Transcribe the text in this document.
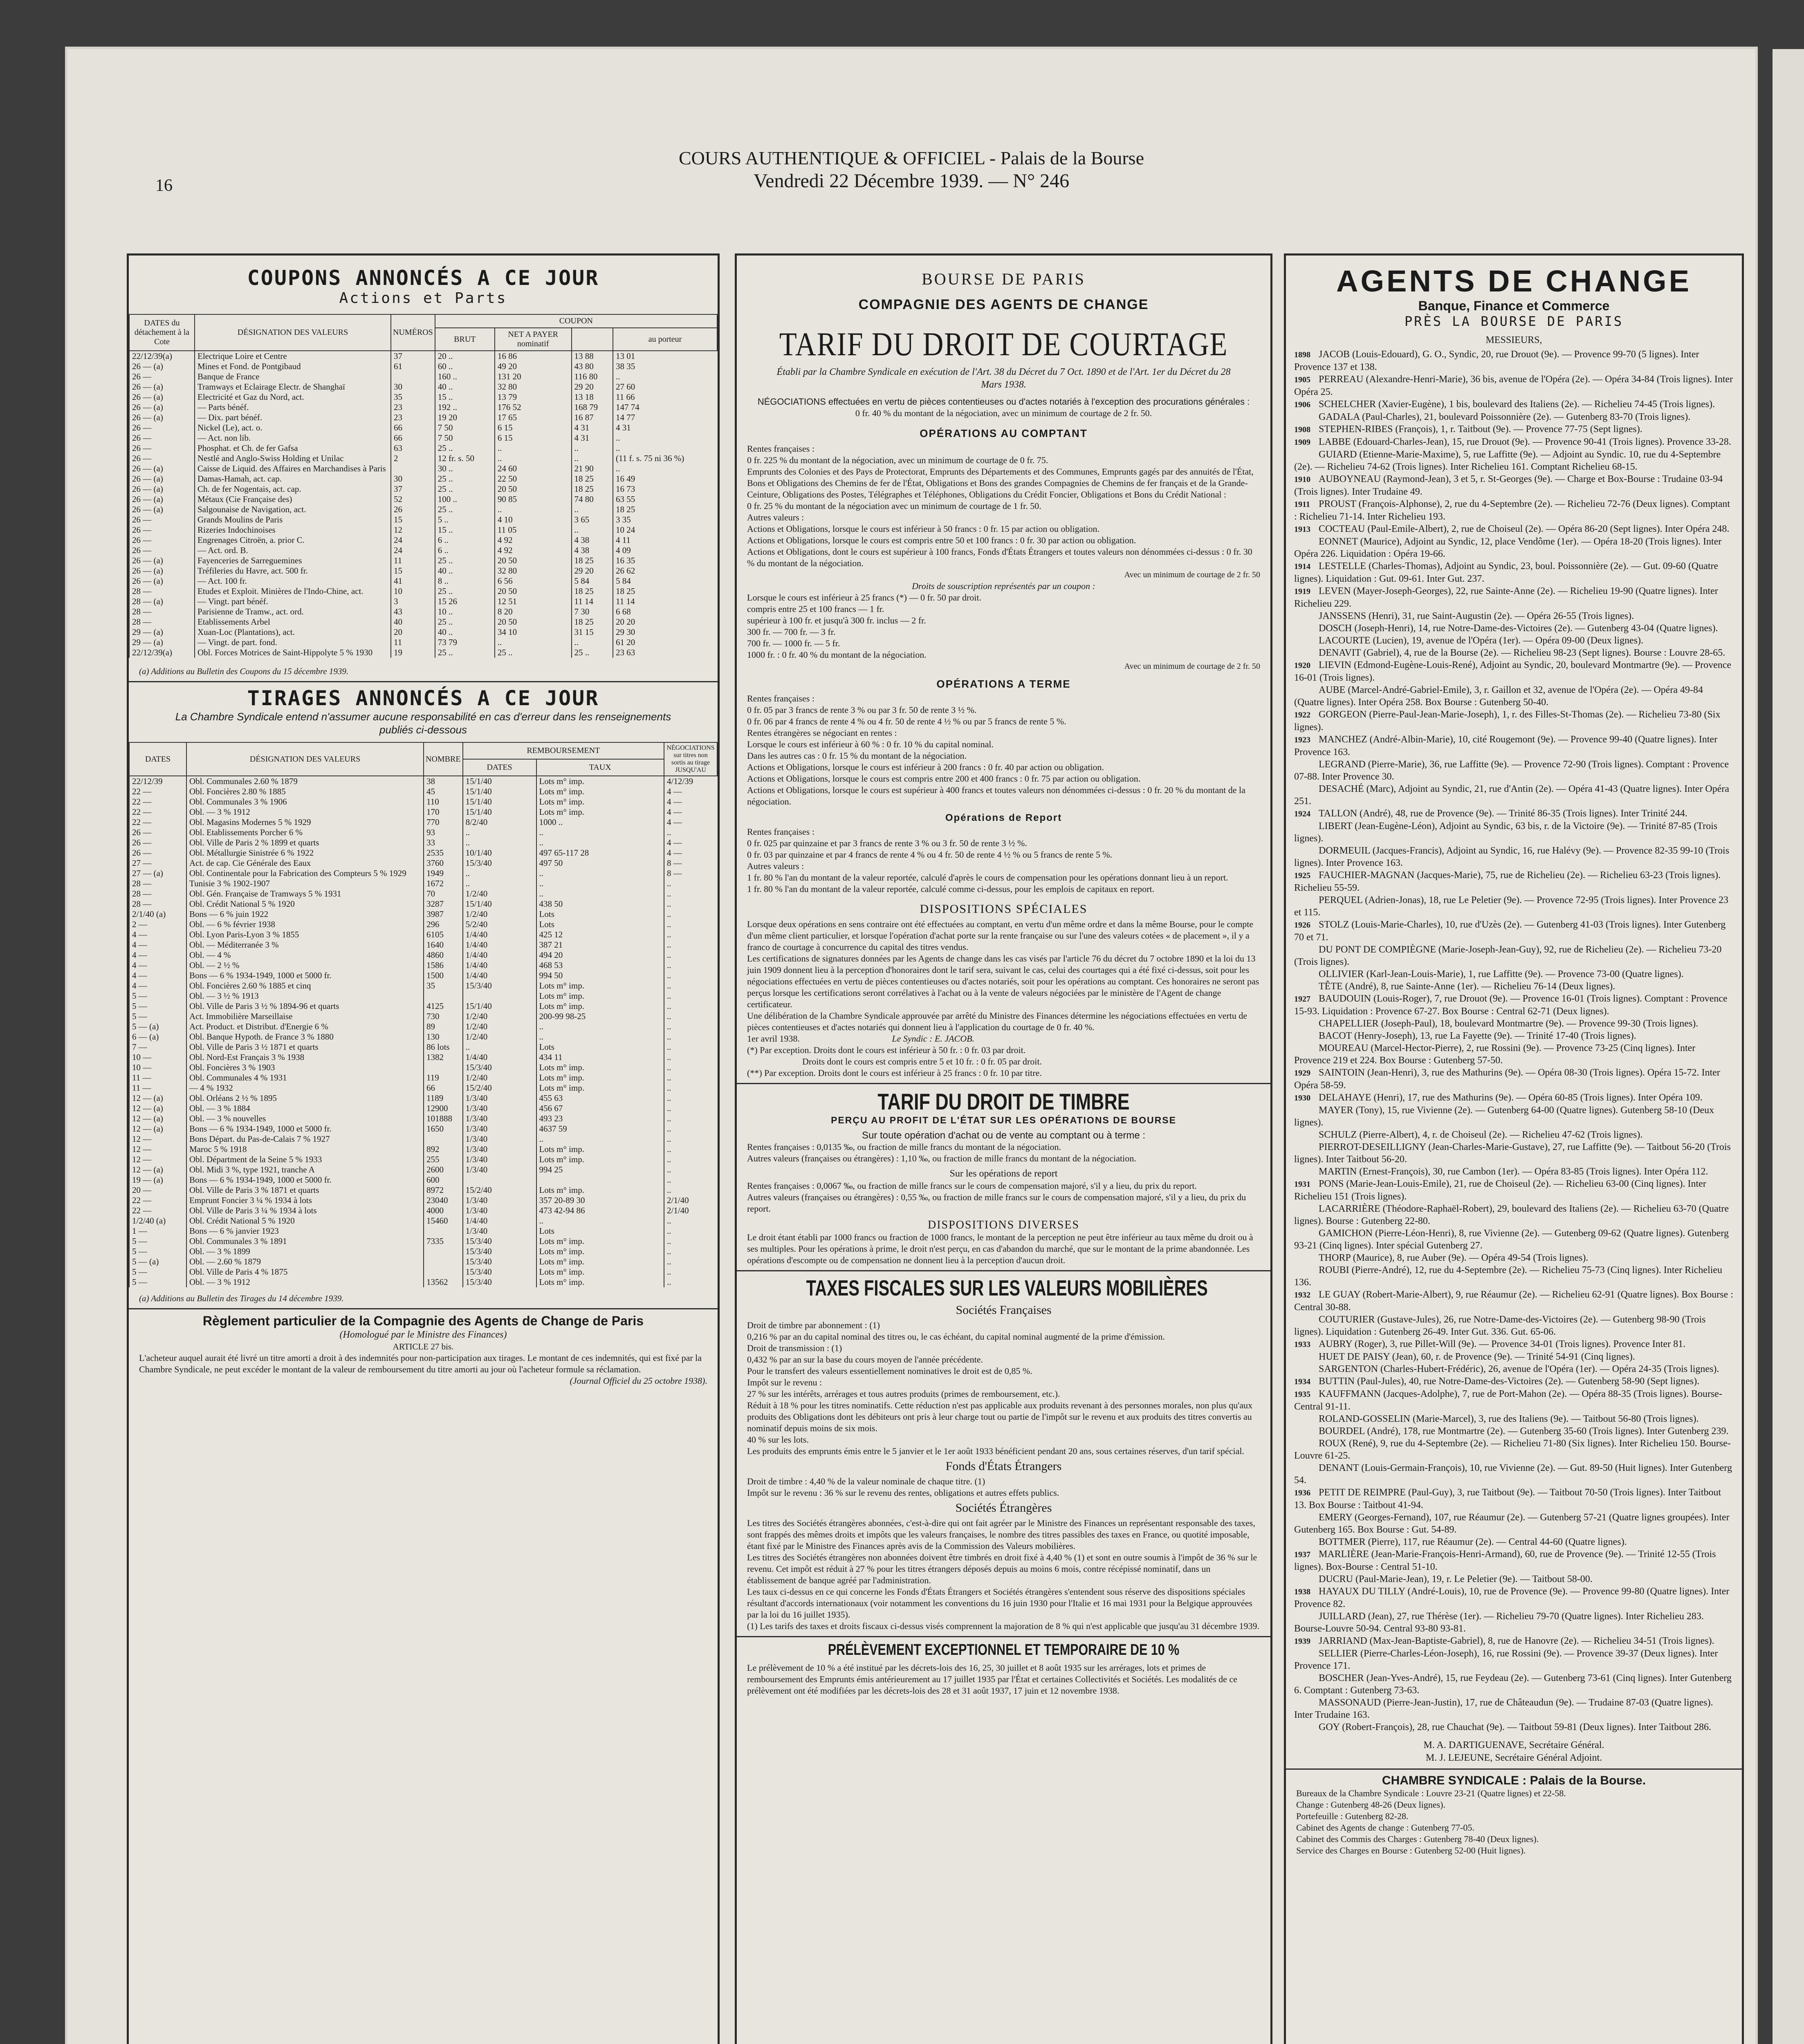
16
COURS AUTHENTIQUE & OFFICIEL - Palais de la Bourse
Vendredi 22 Décembre 1939. — N° 246
COUPONS ANNONCÉS A CE JOUR
Actions et Parts
DATES du détachement à la Cote	DÉSIGNATION DES VALEURS	NUMÉROS	COUPON			
			BRUT	NET A PAYER
nominatif		au porteur
22/12/39(a)	Electrique Loire et Centre	37	20 ..	16 86	13 88	13 01
26 — (a)	Mines et Fond. de Pontgibaud	61	60 ..	49 20	43 80	38 35
26 —	Banque de France		160 ..	131 20	116 80	..
26 — (a)	Tramways et Eclairage Electr. de Shanghaï	30	40 ..	32 80	29 20	27 60
26 — (a)	Electricité et Gaz du Nord, act.	35	15 ..	13 79	13 18	11 66
26 — (a)	— Parts bénéf.	23	192 ..	176 52	168 79	147 74
26 — (a)	— Dix. part bénéf.	23	19 20	17 65	16 87	14 77
26 —	Nickel (Le), act. o.	66	7 50	6 15	4 31	4 31
26 —	— Act. non lib.	66	7 50	6 15	4 31	..
26 —	Phosphat. et Ch. de fer Gafsa	63	25 ..	..	..	..
26 —	Nestlé and Anglo-Swiss Holding et Unilac	2	12 fr. s. 50	..	..	(11 f. s. 75 ni 36 %)
26 — (a)	Caisse de Liquid. des Affaires en Marchandises à Paris		30 ..	24 60	21 90	..
26 — (a)	Damas-Hamah, act. cap.	30	25 ..	22 50	18 25	16 49
26 — (a)	Ch. de fer Nogentais, act. cap.	37	25 ..	20 50	18 25	16 73
26 — (a)	Métaux (Cie Française des)	52	100 ..	90 85	74 80	63 55
26 — (a)	Salgounaise de Navigation, act.	26	25 ..	..	..	18 25
26 —	Grands Moulins de Paris	15	5 ..	4 10	3 65	3 35
26 —	Rizeries Indochinoises	12	15 ..	11 05	..	10 24
26 —	Engrenages Citroën, a. prior C.	24	6 ..	4 92	4 38	4 11
26 —	— Act. ord. B.	24	6 ..	4 92	4 38	4 09
26 — (a)	Fayenceries de Sarreguemines	11	25 ..	20 50	18 25	16 35
26 — (a)	Tréfileries du Havre, act. 500 fr.	15	40 ..	32 80	29 20	26 62
26 — (a)	— Act. 100 fr.	41	8 ..	6 56	5 84	5 84
28 —	Etudes et Exploit. Minières de l'Indo-Chine, act.	10	25 ..	20 50	18 25	18 25
28 — (a)	— Vingt. part bénéf.	3	15 26	12 51	11 14	11 14
28 —	Parisienne de Tramw., act. ord.	43	10 ..	8 20	7 30	6 68
28 —	Etablissements Arbel	40	25 ..	20 50	18 25	20 20
29 — (a)	Xuan-Loc (Plantations), act.	20	40 ..	34 10	31 15	29 30
29 — (a)	— Vingt. de part. fond.	11	73 79	..	..	61 20
22/12/39(a)	Obl. Forces Motrices de Saint-Hippolyte 5 % 1930	19	25 ..	25 ..	25 ..	23 63
(a) Additions au Bulletin des Coupons du 15 décembre 1939.
TIRAGES ANNONCÉS A CE JOUR
La Chambre Syndicale entend n'assumer aucune responsabilité en cas d'erreur dans les renseignements publiés ci-dessous
DATES	DÉSIGNATION DES VALEURS	NOMBRE	REMBOURSEMENT		NÉGOCIATIONS sur titres non sortis au tirage JUSQU'AU
			DATES	TAUX	
22/12/39	Obl. Communales 2.60 % 1879	38	15/1/40	Lots m° imp.	4/12/39
22 —	Obl. Foncières 2.80 % 1885	45	15/1/40	Lots m° imp.	4 —
22 —	Obl. Communales 3 % 1906	110	15/1/40	Lots m° imp.	4 —
22 —	Obl. — 3 % 1912	170	15/1/40	Lots m° imp.	4 —
22 —	Obl. Magasins Modernes 5 % 1929	770	8/2/40	1000 ..	4 —
26 —	Obl. Etablissements Porcher 6 %	93	..	..	..
26 —	Obl. Ville de Paris 2 % 1899 et quarts	33	..	..	4 —
26 —	Obl. Métallurgie Sinistrée 6 % 1922	2535	10/1/40	497 65-117 28	4 —
27 —	Act. de cap. Cie Générale des Eaux	3760	15/3/40	497 50	8 —
27 — (a)	Obl. Continentale pour la Fabrication des Compteurs 5 % 1929	1949	..	..	8 —
28 —	Tunisie 3 % 1902-1907	1672	..	..	..
28 —	Obl. Gén. Française de Tramways 5 % 1931	70	1/2/40	..	..
28 —	Obl. Crédit National 5 % 1920	3287	15/1/40	438 50	..
2/1/40 (a)	Bons — 6 % juin 1922	3987	1/2/40	Lots	..
2 —	Obl. — 6 % février 1938	296	5/2/40	Lots	..
4 —	Obl. Lyon Paris-Lyon 3 % 1855	6105	1/4/40	425 12	..
4 —	Obl. — Méditerranée 3 %	1640	1/4/40	387 21	..
4 —	Obl. — 4 %	4860	1/4/40	494 20	..
4 —	Obl. — 2 ½ %	1586	1/4/40	468 53	..
4 —	Bons — 6 % 1934-1949, 1000 et 5000 fr.	1500	1/4/40	994 50	..
4 —	Obl. Foncières 2.60 % 1885 et cinq	35	15/3/40	Lots m° imp.	..
5 —	Obl. — 3 ½ % 1913			Lots m° imp.	..
5 —	Obl. Ville de Paris 3 ½ % 1894-96 et quarts	4125	15/1/40	Lots m° imp.	..
5 —	Act. Immobilière Marseillaise	730	1/2/40	200-99 98-25	..
5 — (a)	Act. Product. et Distribut. d'Energie 6 %	89	1/2/40	..	..
6 — (a)	Obl. Banque Hypoth. de France 3 % 1880	130	1/2/40	..	..
7 —	Obl. Ville de Paris 3 ½ 1871 et quarts	86 lots	..	Lots	..
10 —	Obl. Nord-Est Français 3 % 1938	1382	1/4/40	434 11	..
10 —	Obl. Foncières 3 % 1903		15/3/40	Lots m° imp.	..
11 —	Obl. Communales 4 % 1931	119	1/2/40	Lots m° imp.	..
11 —	— 4 % 1932	66	15/2/40	Lots m° imp.	..
12 — (a)	Obl. Orléans 2 ½ % 1895	1189	1/3/40	455 63	..
12 — (a)	Obl. — 3 % 1884	12900	1/3/40	456 67	..
12 — (a)	Obl. — 3 % nouvelles	101888	1/3/40	493 23	..
12 — (a)	Bons — 6 % 1934-1949, 1000 et 5000 fr.	1650	1/3/40	4637 59	..
12 —	Bons Départ. du Pas-de-Calais 7 % 1927		1/3/40	..	..
12 —	Maroc 5 % 1918	892	1/3/40	Lots m° imp.	..
12 —	Obl. Départment de la Seine 5 % 1933	255	1/3/40	Lots m° imp.	..
12 — (a)	Obl. Midi 3 %, type 1921, tranche A	2600	1/3/40	994 25	..
19 — (a)	Bons — 6 % 1934-1949, 1000 et 5000 fr.	600			..
20 —	Obl. Ville de Paris 3 % 1871 et quarts	8972	15/2/40	Lots m° imp.	..
22 —	Emprunt Foncier 3 ¼ % 1934 à lots	23040	1/3/40	357 20-89 30	2/1/40
22 —	Obl. Ville de Paris 3 ¼ % 1934 à lots	4000	1/3/40	473 42-94 86	2/1/40
1/2/40 (a)	Obl. Crédit National 5 % 1920	15460	1/4/40	..	..
1 —	Bons — 6 % janvier 1923		1/3/40	Lots	..
5 —	Obl. Communales 3 % 1891	7335	15/3/40	Lots m° imp.	..
5 —	Obl. — 3 % 1899		15/3/40	Lots m° imp.	..
5 — (a)	Obl. — 2.60 % 1879		15/3/40	Lots m° imp.	..
5 —	Obl. Ville de Paris 4 % 1875		15/3/40	Lots m° imp.	..
5 —	Obl. — 3 % 1912	13562	15/3/40	Lots m° imp.	..
(a) Additions au Bulletin des Tirages du 14 décembre 1939.
Règlement particulier de la Compagnie des Agents de Change de Paris
(Homologué par le Ministre des Finances)
ARTICLE 27 bis.
L'acheteur auquel aurait été livré un titre amorti a droit à des indemnités pour non-participation aux tirages. Le montant de ces indemnités, qui est fixé par la Chambre Syndicale, ne peut excéder le montant de la valeur de remboursement du titre amorti au jour où l'acheteur formule sa réclamation.
(Journal Officiel du 25 octobre 1938).
BOURSE DE PARIS
COMPAGNIE DES AGENTS DE CHANGE
TARIF DU DROIT DE COURTAGE
Établi par la Chambre Syndicale en exécution de l'Art. 38 du Décret du 7 Oct. 1890 et de l'Art. 1er du Décret du 28 Mars 1938.
NÉGOCIATIONS effectuées en vertu de pièces contentieuses ou d'actes notariés à l'exception des procurations générales :
0 fr. 40 % du montant de la négociation, avec un minimum de courtage de 2 fr. 50.
OPÉRATIONS AU COMPTANT
Rentes françaises :
0 fr. 225 % du montant de la négociation, avec un minimum de courtage de 0 fr. 75.
Emprunts des Colonies et des Pays de Protectorat, Emprunts des Départements et des Communes, Emprunts gagés par des annuités de l'État, Bons et Obligations des Chemins de fer de l'État, Obligations et Bons des grandes Compagnies de Chemins de fer français et de la Grande-Ceinture, Obligations des Postes, Télégraphes et Téléphones, Obligations du Crédit Foncier, Obligations et Bons du Crédit National :
0 fr. 25 % du montant de la négociation avec un minimum de courtage de 1 fr. 50.
Autres valeurs :
Actions et Obligations, lorsque le cours est inférieur à 50 francs : 0 fr. 15 par action ou obligation.
Actions et Obligations, lorsque le cours est compris entre 50 et 100 francs : 0 fr. 30 par action ou obligation.
Actions et Obligations, dont le cours est supérieur à 100 francs, Fonds d'États Étrangers et toutes valeurs non dénommées ci-dessus : 0 fr. 30 % du montant de la négociation.
Avec un minimum de courtage de 2 fr. 50
Droits de souscription représentés par un coupon :
Lorsque le cours est inférieur à 25 francs (*) — 0 fr. 50 par droit.
compris entre 25 et 100 francs — 1 fr.
supérieur à 100 fr. et jusqu'à 300 fr. inclus — 2 fr.
300 fr. — 700 fr. — 3 fr.
700 fr. — 1000 fr. — 5 fr.
1000 fr. : 0 fr. 40 % du montant de la négociation.
Avec un minimum de courtage de 2 fr. 50
OPÉRATIONS A TERME
Rentes françaises :
0 fr. 05 par 3 francs de rente 3 % ou par 3 fr. 50 de rente 3 ½ %.
0 fr. 06 par 4 francs de rente 4 % ou 4 fr. 50 de rente 4 ½ % ou par 5 francs de rente 5 %.
Rentes étrangères se négociant en rentes :
Lorsque le cours est inférieur à 60 % : 0 fr. 10 % du capital nominal.
Dans les autres cas : 0 fr. 15 % du montant de la négociation.
Actions et Obligations, lorsque le cours est inférieur à 200 francs : 0 fr. 40 par action ou obligation.
Actions et Obligations, lorsque le cours est compris entre 200 et 400 francs : 0 fr. 75 par action ou obligation.
Actions et Obligations, lorsque le cours est supérieur à 400 francs et toutes valeurs non dénommées ci-dessus : 0 fr. 20 % du montant de la négociation.
Opérations de Report
Rentes françaises :
0 fr. 025 par quinzaine et par 3 francs de rente 3 % ou 3 fr. 50 de rente 3 ½ %.
0 fr. 03 par quinzaine et par 4 francs de rente 4 % ou 4 fr. 50 de rente 4 ½ % ou 5 francs de rente 5 %.
Autres valeurs :
1 fr. 80 % l'an du montant de la valeur reportée, calculé d'après le cours de compensation pour les opérations donnant lieu à un report.
1 fr. 80 % l'an du montant de la valeur reportée, calculé comme ci-dessus, pour les emplois de capitaux en report.
DISPOSITIONS SPÉCIALES
Lorsque deux opérations en sens contraire ont été effectuées au comptant, en vertu d'un même ordre et dans la même Bourse, pour le compte d'un même client particulier, et lorsque l'opération d'achat porte sur la rente française ou sur l'une des valeurs cotées « de placement », il y a franco de courtage à concurrence du capital des titres vendus.
Les certifications de signatures données par les Agents de change dans les cas visés par l'article 76 du décret du 7 octobre 1890 et la loi du 13 juin 1909 donnent lieu à la perception d'honoraires dont le tarif sera, suivant le cas, celui des courtages qui a été fixé ci-dessus, soit pour les négociations effectuées en vertu de pièces contentieuses ou d'actes notariés, soit pour les opérations au comptant. Ces honoraires ne seront pas perçus lorsque les certifications seront corrélatives à l'achat ou à la vente de valeurs négociées par le ministère de l'Agent de change certificateur.
Une délibération de la Chambre Syndicale approuvée par arrêté du Ministre des Finances détermine les négociations effectuées en vertu de pièces contentieuses et d'actes notariés qui donnent lieu à l'application du courtage de 0 fr. 40 %.
1er avril 1938.	Le Syndic : E. JACOB.
(*) Par exception. Droits dont le cours est inférieur à 50 fr. : 0 fr. 03 par droit.
Droits dont le cours est compris entre 5 et 10 fr. : 0 fr. 05 par droit.
(**) Par exception. Droits dont le cours est inférieur à 25 francs : 0 fr. 10 par titre.
TARIF DU DROIT DE TIMBRE
PERÇU AU PROFIT DE L'ÉTAT SUR LES OPÉRATIONS DE BOURSE
Sur toute opération d'achat ou de vente au comptant ou à terme :
Rentes françaises : 0,0135 ‰, ou fraction de mille francs du montant de la négociation.
Autres valeurs (françaises ou étrangères) : 1,10 ‰, ou fraction de mille francs du montant de la négociation.
Sur les opérations de report
Rentes françaises : 0,0067 ‰, ou fraction de mille francs sur le cours de compensation majoré, s'il y a lieu, du prix du report.
Autres valeurs (françaises ou étrangères) : 0,55 ‰, ou fraction de mille francs sur le cours de compensation majoré, s'il y a lieu, du prix du report.
DISPOSITIONS DIVERSES
Le droit étant établi par 1000 francs ou fraction de 1000 francs, le montant de la perception ne peut être inférieur au taux même du droit ou à ses multiples. Pour les opérations à prime, le droit n'est perçu, en cas d'abandon du marché, que sur le montant de la prime abandonnée. Les opérations d'escompte ou de compensation ne donnent lieu à la perception d'aucun droit.
TAXES FISCALES SUR LES VALEURS MOBILIÈRES
Sociétés Françaises
Droit de timbre par abonnement : (1)
0,216 % par an du capital nominal des titres ou, le cas échéant, du capital nominal augmenté de la prime d'émission.
Droit de transmission : (1)
0,432 % par an sur la base du cours moyen de l'année précédente.
Pour le transfert des valeurs essentiellement nominatives le droit est de 0,85 %.
Impôt sur le revenu :
27 % sur les intérêts, arrérages et tous autres produits (primes de remboursement, etc.).
Réduit à 18 % pour les titres nominatifs. Cette réduction n'est pas applicable aux produits revenant à des personnes morales, non plus qu'aux produits des Obligations dont les débiteurs ont pris à leur charge tout ou partie de l'impôt sur le revenu et aux produits des titres convertis au nominatif depuis moins de six mois.
40 % sur les lots.
Les produits des emprunts émis entre le 5 janvier et le 1er août 1933 bénéficient pendant 20 ans, sous certaines réserves, d'un tarif spécial.
Fonds d'États Étrangers
Droit de timbre : 4,40 % de la valeur nominale de chaque titre. (1)
Impôt sur le revenu : 36 % sur le revenu des rentes, obligations et autres effets publics.
Sociétés Étrangères
Les titres des Sociétés étrangères abonnées, c'est-à-dire qui ont fait agréer par le Ministre des Finances un représentant responsable des taxes, sont frappés des mêmes droits et impôts que les valeurs françaises, le nombre des titres passibles des taxes en France, ou quotité imposable, étant fixé par le Ministre des Finances après avis de la Commission des Valeurs mobilières.
Les titres des Sociétés étrangères non abonnées doivent être timbrés en droit fixé à 4,40 % (1) et sont en outre soumis à l'impôt de 36 % sur le revenu. Cet impôt est réduit à 27 % pour les titres étrangers déposés depuis au moins 6 mois, contre récépissé nominatif, dans un établissement de banque agréé par l'administration.
Les taux ci-dessus en ce qui concerne les Fonds d'États Étrangers et Sociétés étrangères s'entendent sous réserve des dispositions spéciales résultant d'accords internationaux (voir notamment les conventions du 16 juin 1930 pour l'Italie et 16 mai 1931 pour la Belgique approuvées par la loi du 16 juillet 1935).
(1) Les tarifs des taxes et droits fiscaux ci-dessus visés comprennent la majoration de 8 % qui n'est applicable que jusqu'au 31 décembre 1939.
PRÉLÈVEMENT EXCEPTIONNEL ET TEMPORAIRE DE 10 %
Le prélèvement de 10 % a été institué par les décrets-lois des 16, 25, 30 juillet et 8 août 1935 sur les arrérages, lots et primes de remboursement des Emprunts émis antérieurement au 17 juillet 1935 par l'État et certaines Collectivités et Sociétés. Les modalités de ce prélèvement ont été modifiées par les décrets-lois des 28 et 31 août 1937, 17 juin et 12 novembre 1938.
AGENTS DE CHANGE
Banque, Finance et Commerce
PRÈS LA BOURSE DE PARIS
MESSIEURS,
1898 JACOB (Louis-Edouard), G. O., Syndic, 20, rue Drouot (9e). — Provence 99-70 (5 lignes). Inter Provence 137 et 138.
1905 PERREAU (Alexandre-Henri-Marie), 36 bis, avenue de l'Opéra (2e). — Opéra 34-84 (Trois lignes). Inter Opéra 25.
1906 SCHELCHER (Xavier-Eugène), 1 bis, boulevard des Italiens (2e). — Richelieu 74-45 (Trois lignes).
GADALA (Paul-Charles), 21, boulevard Poissonnière (2e). — Gutenberg 83-70 (Trois lignes).
1908 STEPHEN-RIBES (François), 1, r. Taitbout (9e). — Provence 77-75 (Sept lignes).
1909 LABBE (Edouard-Charles-Jean), 15, rue Drouot (9e). — Provence 90-41 (Trois lignes). Provence 33-28.
GUIARD (Etienne-Marie-Maxime), 5, rue Laffitte (9e). — Adjoint au Syndic. 10, rue du 4-Septembre (2e). — Richelieu 74-62 (Trois lignes). Inter Richelieu 161. Comptant Richelieu 68-15.
1910 AUBOYNEAU (Raymond-Jean), 3 et 5, r. St-Georges (9e). — Charge et Box-Bourse : Trudaine 03-94 (Trois lignes). Inter Trudaine 49.
1911 PROUST (François-Alphonse), 2, rue du 4-Septembre (2e). — Richelieu 72-76 (Deux lignes). Comptant : Richelieu 71-14. Inter Richelieu 193.
1913 COCTEAU (Paul-Emile-Albert), 2, rue de Choiseul (2e). — Opéra 86-20 (Sept lignes). Inter Opéra 248.
EONNET (Maurice), Adjoint au Syndic, 12, place Vendôme (1er). — Opéra 18-20 (Trois lignes). Inter Opéra 226. Liquidation : Opéra 19-66.
1914 LESTELLE (Charles-Thomas), Adjoint au Syndic, 23, boul. Poissonnière (2e). — Gut. 09-60 (Quatre lignes). Liquidation : Gut. 09-61. Inter Gut. 237.
1919 LEVEN (Mayer-Joseph-Georges), 22, rue Sainte-Anne (2e). — Richelieu 19-90 (Quatre lignes). Inter Richelieu 229.
JANSSENS (Henri), 31, rue Saint-Augustin (2e). — Opéra 26-55 (Trois lignes).
DOSCH (Joseph-Henri), 14, rue Notre-Dame-des-Victoires (2e). — Gutenberg 43-04 (Quatre lignes).
LACOURTE (Lucien), 19, avenue de l'Opéra (1er). — Opéra 09-00 (Deux lignes).
DENAVIT (Gabriel), 4, rue de la Bourse (2e). — Richelieu 98-23 (Sept lignes). Bourse : Louvre 28-65.
1920 LIEVIN (Edmond-Eugène-Louis-René), Adjoint au Syndic, 20, boulevard Montmartre (9e). — Provence 16-01 (Trois lignes).
AUBE (Marcel-André-Gabriel-Emile), 3, r. Gaillon et 32, avenue de l'Opéra (2e). — Opéra 49-84 (Quatre lignes). Inter Opéra 258. Box Bourse : Gutenberg 50-40.
1922 GORGEON (Pierre-Paul-Jean-Marie-Joseph), 1, r. des Filles-St-Thomas (2e). — Richelieu 73-80 (Six lignes).
1923 MANCHEZ (André-Albin-Marie), 10, cité Rougemont (9e). — Provence 99-40 (Quatre lignes). Inter Provence 163.
LEGRAND (Pierre-Marie), 36, rue Laffitte (9e). — Provence 72-90 (Trois lignes). Comptant : Provence 07-88. Inter Provence 30.
DESACHÉ (Marc), Adjoint au Syndic, 21, rue d'Antin (2e). — Opéra 41-43 (Quatre lignes). Inter Opéra 251.
1924 TALLON (André), 48, rue de Provence (9e). — Trinité 86-35 (Trois lignes). Inter Trinité 244.
LIBERT (Jean-Eugène-Léon), Adjoint au Syndic, 63 bis, r. de la Victoire (9e). — Trinité 87-85 (Trois lignes).
DORMEUIL (Jacques-Francis), Adjoint au Syndic, 16, rue Halévy (9e). — Provence 82-35 99-10 (Trois lignes). Inter Provence 163.
1925 FAUCHIER-MAGNAN (Jacques-Marie), 75, rue de Richelieu (2e). — Richelieu 63-23 (Trois lignes). Richelieu 55-59.
PERQUEL (Adrien-Jonas), 18, rue Le Peletier (9e). — Provence 72-95 (Trois lignes). Inter Provence 23 et 115.
1926 STOLZ (Louis-Marie-Charles), 10, rue d'Uzès (2e). — Gutenberg 41-03 (Trois lignes). Inter Gutenberg 70 et 71.
DU PONT DE COMPIÈGNE (Marie-Joseph-Jean-Guy), 92, rue de Richelieu (2e). — Richelieu 73-20 (Trois lignes).
OLLIVIER (Karl-Jean-Louis-Marie), 1, rue Laffitte (9e). — Provence 73-00 (Quatre lignes).
TÊTE (André), 8, rue Sainte-Anne (1er). — Richelieu 76-14 (Deux lignes).
1927 BAUDOUIN (Louis-Roger), 7, rue Drouot (9e). — Provence 16-01 (Trois lignes). Comptant : Provence 15-93. Liquidation : Provence 67-27. Box Bourse : Central 62-71 (Deux lignes).
CHAPELLIER (Joseph-Paul), 18, boulevard Montmartre (9e). — Provence 99-30 (Trois lignes).
BACOT (Henry-Joseph), 13, rue La Fayette (9e). — Trinité 17-40 (Trois lignes).
MOUREAU (Marcel-Hector-Pierre), 2, rue Rossini (9e). — Provence 73-25 (Cinq lignes). Inter Provence 219 et 224. Box Bourse : Gutenberg 57-50.
1929 SAINTOIN (Jean-Henri), 3, rue des Mathurins (9e). — Opéra 08-30 (Trois lignes). Opéra 15-72. Inter Opéra 58-59.
1930 DELAHAYE (Henri), 17, rue des Mathurins (9e). — Opéra 60-85 (Trois lignes). Inter Opéra 109.
MAYER (Tony), 15, rue Vivienne (2e). — Gutenberg 64-00 (Quatre lignes). Gutenberg 58-10 (Deux lignes).
SCHULZ (Pierre-Albert), 4, r. de Choiseul (2e). — Richelieu 47-62 (Trois lignes).
PIERROT-DESEILLIGNY (Jean-Charles-Marie-Gustave), 27, rue Laffitte (9e). — Taitbout 56-20 (Trois lignes). Inter Taitbout 56-20.
MARTIN (Ernest-François), 30, rue Cambon (1er). — Opéra 83-85 (Trois lignes). Inter Opéra 112.
1931 PONS (Marie-Jean-Louis-Emile), 21, rue de Choiseul (2e). — Richelieu 63-00 (Cinq lignes). Inter Richelieu 151 (Trois lignes).
LACARRIÈRE (Théodore-Raphaël-Robert), 29, boulevard des Italiens (2e). — Richelieu 63-70 (Quatre lignes). Bourse : Gutenberg 22-80.
GAMICHON (Pierre-Léon-Henri), 8, rue Vivienne (2e). — Gutenberg 09-62 (Quatre lignes). Gutenberg 93-21 (Cinq lignes). Inter spécial Gutenberg 27.
THORP (Maurice), 8, rue Auber (9e). — Opéra 49-54 (Trois lignes).
ROUBI (Pierre-André), 12, rue du 4-Septembre (2e). — Richelieu 75-73 (Cinq lignes). Inter Richelieu 136.
1932 LE GUAY (Robert-Marie-Albert), 9, rue Réaumur (2e). — Richelieu 62-91 (Quatre lignes). Box Bourse : Central 30-88.
COUTURIER (Gustave-Jules), 26, rue Notre-Dame-des-Victoires (2e). — Gutenberg 98-90 (Trois lignes). Liquidation : Gutenberg 26-49. Inter Gut. 336. Gut. 65-06.
1933 AUBRY (Roger), 3, rue Pillet-Will (9e). — Provence 34-01 (Trois lignes). Provence Inter 81.
HUET DE PAISY (Jean), 60, r. de Provence (9e). — Trinité 54-91 (Cinq lignes).
SARGENTON (Charles-Hubert-Frédéric), 26, avenue de l'Opéra (1er). — Opéra 24-35 (Trois lignes).
1934 BUTTIN (Paul-Jules), 40, rue Notre-Dame-des-Victoires (2e). — Gutenberg 58-90 (Sept lignes).
1935 KAUFFMANN (Jacques-Adolphe), 7, rue de Port-Mahon (2e). — Opéra 88-35 (Trois lignes). Bourse-Central 91-11.
ROLAND-GOSSELIN (Marie-Marcel), 3, rue des Italiens (9e). — Taitbout 56-80 (Trois lignes).
BOURDEL (André), 178, rue Montmartre (2e). — Gutenberg 35-60 (Trois lignes). Inter Gutenberg 239.
ROUX (René), 9, rue du 4-Septembre (2e). — Richelieu 71-80 (Six lignes). Inter Richelieu 150. Bourse-Louvre 61-25.
DENANT (Louis-Germain-François), 10, rue Vivienne (2e). — Gut. 89-50 (Huit lignes). Inter Gutenberg 54.
1936 PETIT DE REIMPRE (Paul-Guy), 3, rue Taitbout (9e). — Taitbout 70-50 (Trois lignes). Inter Taitbout 13. Box Bourse : Taitbout 41-94.
EMERY (Georges-Fernand), 107, rue Réaumur (2e). — Gutenberg 57-21 (Quatre lignes groupées). Inter Gutenberg 165. Box Bourse : Gut. 54-89.
BOTTMER (Pierre), 117, rue Réaumur (2e). — Central 44-60 (Quatre lignes).
1937 MARLIÈRE (Jean-Marie-François-Henri-Armand), 60, rue de Provence (9e). — Trinité 12-55 (Trois lignes). Box-Bourse : Central 51-10.
DUCRU (Paul-Marie-Jean), 19, r. Le Peletier (9e). — Taitbout 58-00.
1938 HAYAUX DU TILLY (André-Louis), 10, rue de Provence (9e). — Provence 99-80 (Quatre lignes). Inter Provence 82.
JUILLARD (Jean), 27, rue Thérèse (1er). — Richelieu 79-70 (Quatre lignes). Inter Richelieu 283. Bourse-Louvre 50-94. Central 93-80 93-81.
1939 JARRIAND (Max-Jean-Baptiste-Gabriel), 8, rue de Hanovre (2e). — Richelieu 34-51 (Trois lignes).
SELLIER (Pierre-Charles-Léon-Joseph), 16, rue Rossini (9e). — Provence 39-37 (Deux lignes). Inter Provence 171.
BOSCHER (Jean-Yves-André), 15, rue Feydeau (2e). — Gutenberg 73-61 (Cinq lignes). Inter Gutenberg 6. Comptant : Gutenberg 73-63.
MASSONAUD (Pierre-Jean-Justin), 17, rue de Châteaudun (9e). — Trudaine 87-03 (Quatre lignes). Inter Trudaine 163.
GOY (Robert-François), 28, rue Chauchat (9e). — Taitbout 59-81 (Deux lignes). Inter Taitbout 286.
M. A. DARTIGUENAVE, Secrétaire Général.
M. J. LEJEUNE, Secrétaire Général Adjoint.
CHAMBRE SYNDICALE : Palais de la Bourse.
Bureaux de la Chambre Syndicale : Louvre 23-21 (Quatre lignes) et 22-58.
Change : Gutenberg 48-26 (Deux lignes).
Portefeuille : Gutenberg 82-28.
Cabinet des Agents de change : Gutenberg 77-05.
Cabinet des Commis des Charges : Gutenberg 78-40 (Deux lignes).
Service des Charges en Bourse : Gutenberg 52-00 (Huit lignes).
